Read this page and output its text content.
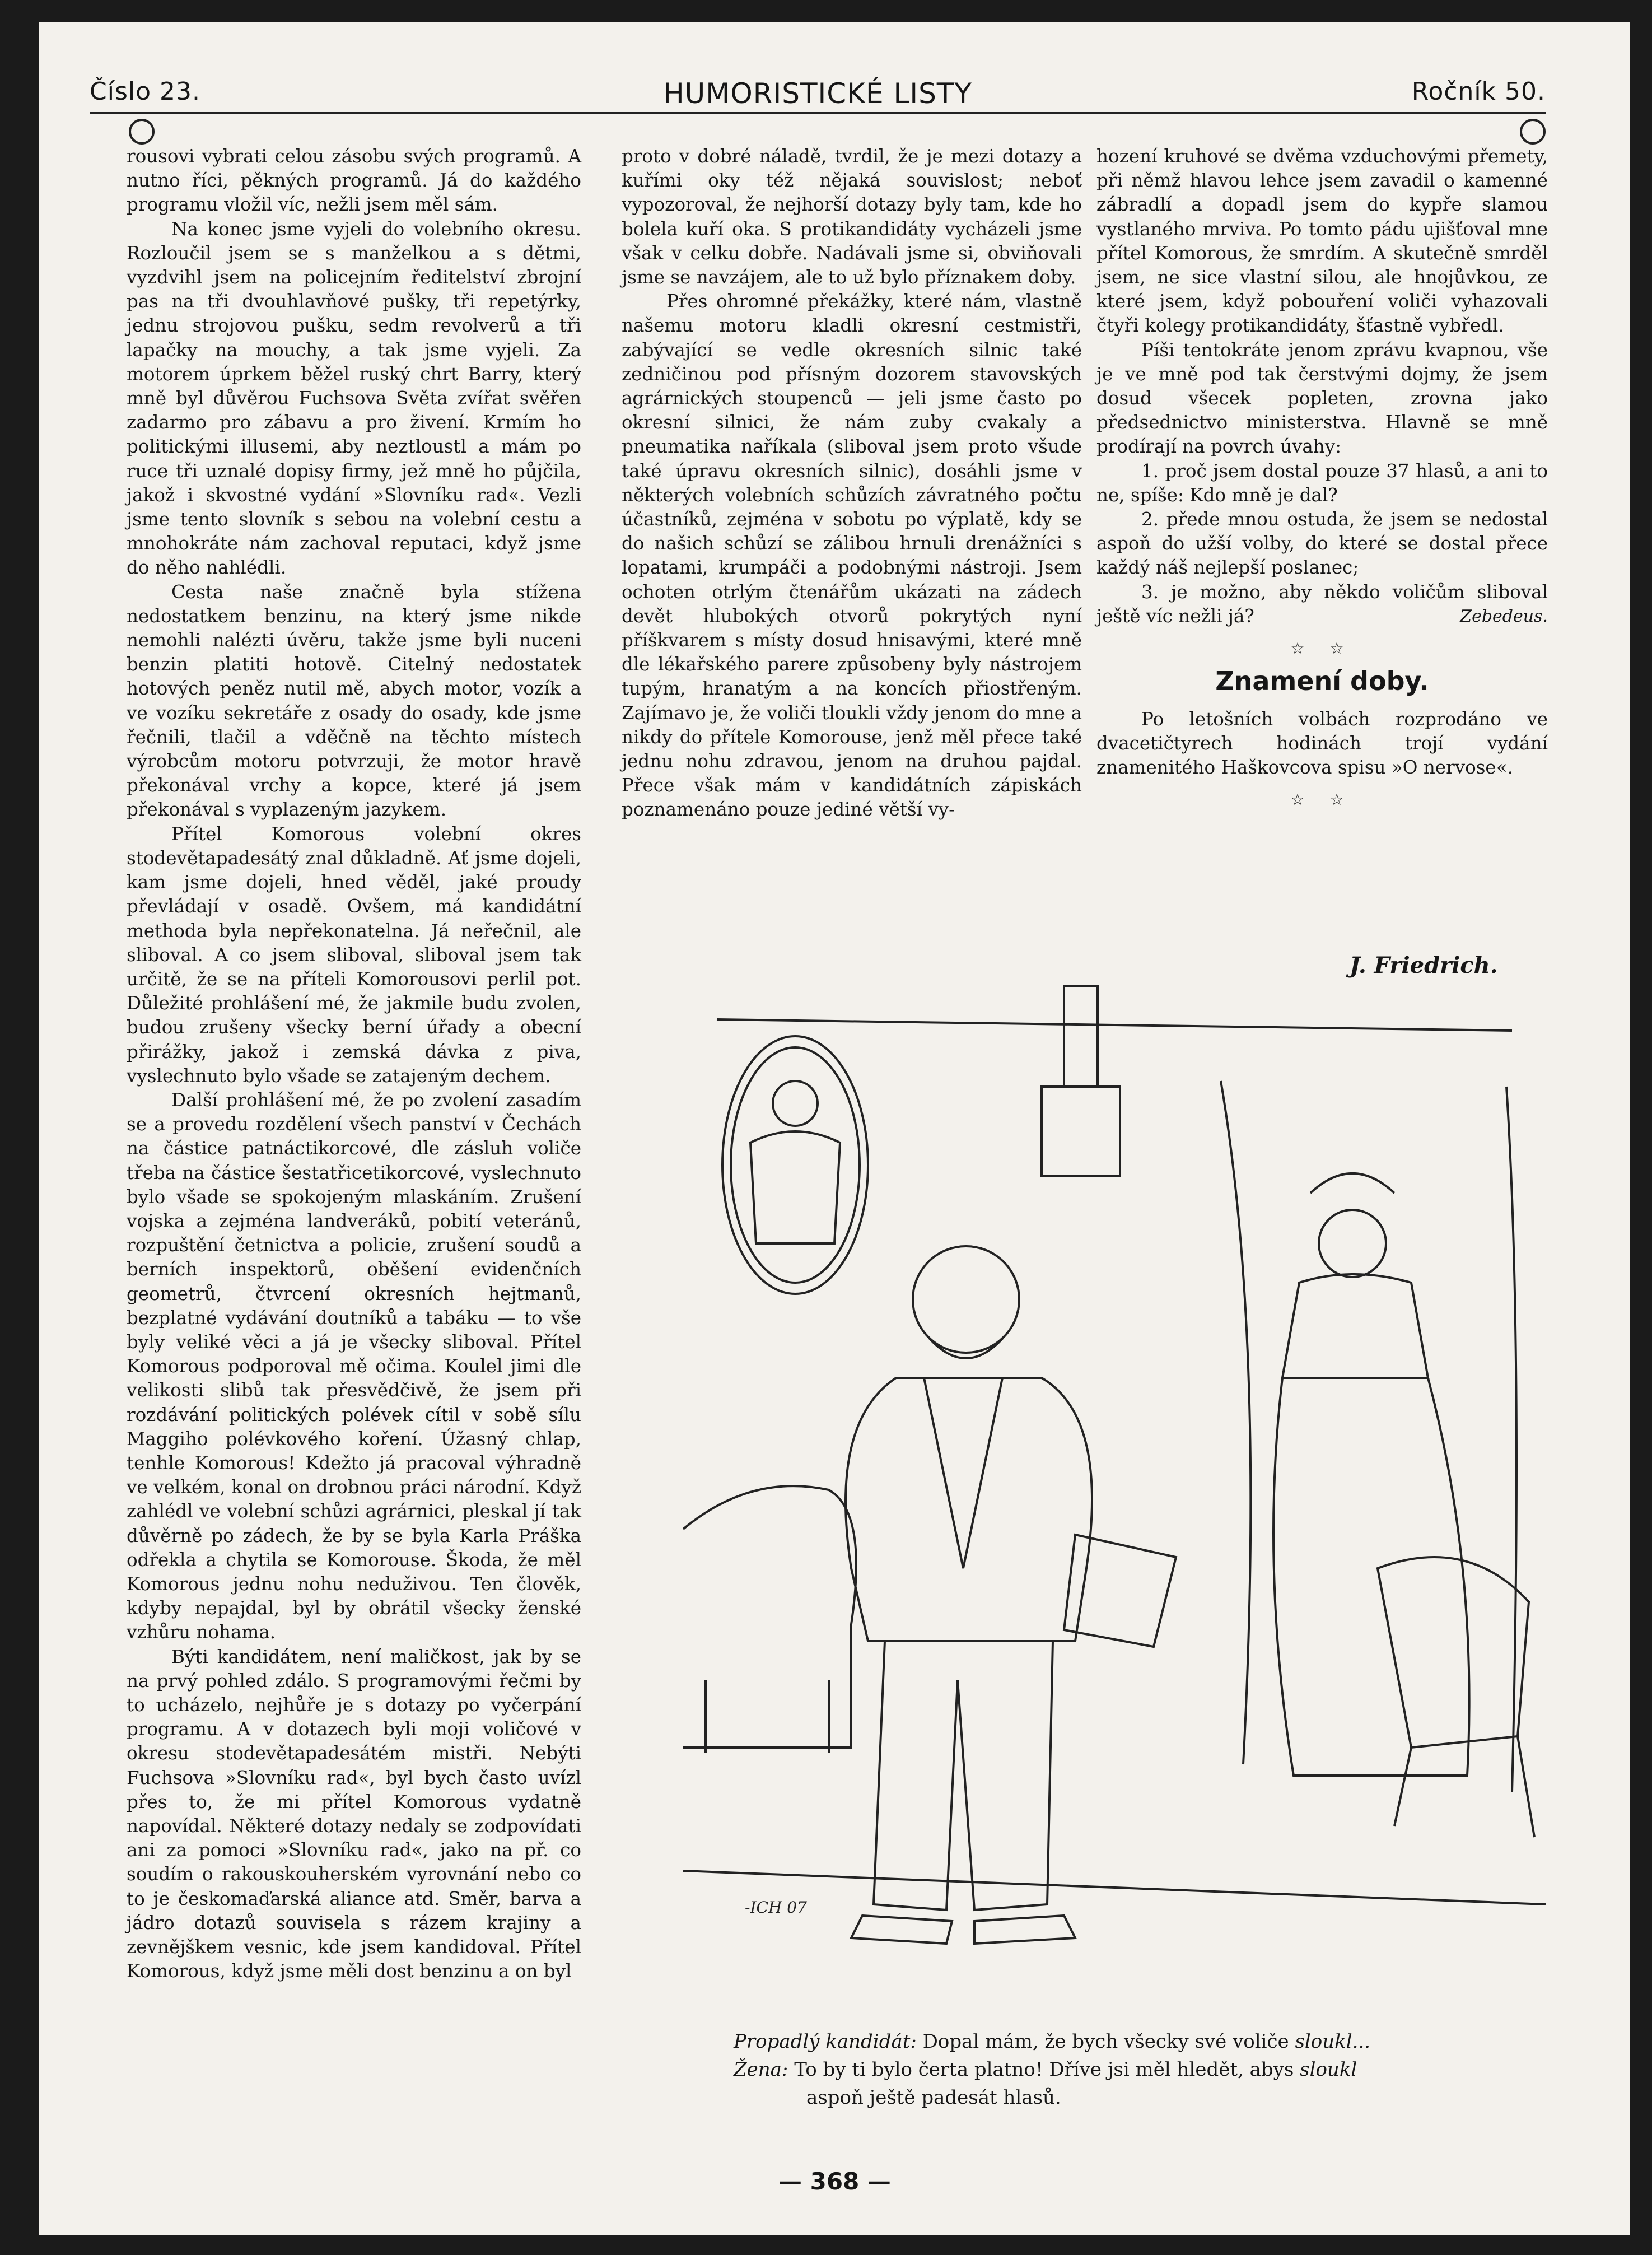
Číslo 23.	HUMORISTICKÉ LISTY	Ročník 50.

rousovi vybrati celou zásobu svých programů. A nutno říci, pěkných programů. Já do každého programu vložil víc, nežli jsem měl sám.

Na konec jsme vyjeli do volebního okresu. Rozloučil jsem se s manželkou a s dětmi, vyzdvihl jsem na policejním ředitelství zbrojní pas na tři dvouhlavňové pušky, tři repetýrky, jednu strojovou pušku, sedm revolverů a tři lapačky na mouchy, a tak jsme vyjeli. Za motorem úprkem běžel ruský chrt Barry, který mně byl důvěrou Fuchsova Světa zvířat svěřen zadarmo pro zábavu a pro živení. Krmím ho politickými illusemi, aby neztloustl a mám po ruce tři uznalé dopisy firmy, jež mně ho půjčila, jakož i skvostné vydání »Slovníku rad«. Vezli jsme tento slovník s sebou na volební cestu a mnohokráte nám zachoval reputaci, když jsme do něho nahlédli.

Cesta naše značně byla stížena nedostatkem benzinu, na který jsme nikde nemohli nalézti úvěru, takže jsme byli nuceni benzin platiti hotově. Citelný nedostatek hotových peněz nutil mě, abych motor, vozík a ve vozíku sekretáře z osady do osady, kde jsme řečnili, tlačil a vděčně na těchto místech výrobcům motoru potvrzuji, že motor hravě překonával vrchy a kopce, které já jsem překonával s vyplazeným jazykem.

Přítel Komorous volební okres stodevětapadesátý znal důkladně. Ať jsme dojeli, kam jsme dojeli, hned věděl, jaké proudy převládají v osadě. Ovšem, má kandidátní methoda byla nepřekonatelna. Já neřečnil, ale sliboval. A co jsem sliboval, sliboval jsem tak určitě, že se na příteli Komorousovi perlil pot. Důležité prohlášení mé, že jakmile budu zvolen, budou zrušeny všecky berní úřady a obecní přirážky, jakož i zemská dávka z piva, vyslechnuto bylo všade se zatajeným dechem.

Další prohlášení mé, že po zvolení zasadím se a provedu rozdělení všech panství v Čechách na částice patnáctikorcové, dle zásluh voliče třeba na částice šestatřicetikorcové, vyslechnuto bylo všade se spokojeným mlaskáním. Zrušení vojska a zejména landveráků, pobití veteránů, rozpuštění četnictva a policie, zrušení soudů a berních inspektorů, oběšení evidenčních geometrů, čtvrcení okresních hejtmanů, bezplatné vydávání doutníků a tabáku — to vše byly veliké věci a já je všecky sliboval. Přítel Komorous podporoval mě očima. Koulel jimi dle velikosti slibů tak přesvědčivě, že jsem při rozdávání politických polévek cítil v sobě sílu Maggiho polévkového koření. Úžasný chlap, tenhle Komorous! Kdežto já pracoval výhradně ve velkém, konal on drobnou práci národní. Když zahlédl ve volební schůzi agrárnici, pleskal jí tak důvěrně po zádech, že by se byla Karla Práška odřekla a chytila se Komorouse. Škoda, že měl Komorous jednu nohu neduživou. Ten člověk, kdyby nepajdal, byl by obrátil všecky ženské vzhůru nohama.

Býti kandidátem, není maličkost, jak by se na prvý pohled zdálo. S programovými řečmi by to ucházelo, nejhůře je s dotazy po vyčerpání programu. A v dotazech byli moji voličové v okresu stodevětapadesátém mistři. Nebýti Fuchsova »Slovníku rad«, byl bych často uvízl přes to, že mi přítel Komorous vydatně napovídal. Některé dotazy nedaly se zodpovídati ani za pomoci »Slovníku rad«, jako na př. co soudím o rakouskouherském vyrovnání nebo co to je českomaďarská aliance atd. Směr, barva a jádro dotazů souvisela s rázem krajiny a zevnějškem vesnic, kde jsem kandidoval. Přítel Komorous, když jsme měli dost benzinu a on byl

proto v dobré náladě, tvrdil, že je mezi dotazy a kuřími oky též nějaká souvislost; neboť vypozoroval, že nejhorší dotazy byly tam, kde ho bolela kuří oka. S protikandidáty vycházeli jsme však v celku dobře. Nadávali jsme si, obviňovali jsme se navzájem, ale to už bylo příznakem doby.

Přes ohromné překážky, které nám, vlastně našemu motoru kladli okresní cestmistři, zabývající se vedle okresních silnic také zedničinou pod přísným dozorem stavovských agrárnických stoupenců — jeli jsme často po okresní silnici, že nám zuby cvakaly a pneumatika naříkala (sliboval jsem proto všude také úpravu okresních silnic), dosáhli jsme v některých volebních schůzích závratného počtu účastníků, zejména v sobotu po výplatě, kdy se do našich schůzí se zálibou hrnuli drenážníci s lopatami, krumpáči a podobnými nástroji. Jsem ochoten otrlým čtenářům ukázati na zádech devět hlubokých otvorů pokrytých nyní příškvarem s místy dosud hnisavými, které mně dle lékařského parere způsobeny byly nástrojem tupým, hranatým a na koncích přiostřeným. Zajímavo je, že voliči tloukli vždy jenom do mne a nikdy do přítele Komorouse, jenž měl přece také jednu nohu zdravou, jenom na druhou pajdal. Přece však mám v kandidátních zápiskách poznamenáno pouze jediné větší vy-

hození kruhové se dvěma vzduchovými přemety, při němž hlavou lehce jsem zavadil o kamenné zábradlí a dopadl jsem do kypře slamou vystlaného mrviva. Po tomto pádu ujišťoval mne přítel Komorous, že smrdím. A skutečně smrděl jsem, ne sice vlastní silou, ale hnojůvkou, ze které jsem, když pobouření voliči vyhazovali čtyři kolegy protikandidáty, šťastně vybředl.

Píši tentokráte jenom zprávu kvapnou, vše je ve mně pod tak čerstvými dojmy, že jsem dosud všecek popleten, zrovna jako předsednictvo ministerstva. Hlavně se mně prodírají na povrch úvahy:

1. proč jsem dostal pouze 37 hlasů, a ani to ne, spíše: Kdo mně je dal?

2. přede mnou ostuda, že jsem se nedostal aspoň do užší volby, do které se dostal přece každý náš nejlepší poslanec;

3. je možno, aby někdo voličům sliboval ještě víc nežli já?	Zebedeus.
☆ ☆
Znamení doby.

Po letošních volbách rozprodáno ve dvacetičtyrech hodinách trojí vydání znamenitého Haškovcova spisu »O nervose«.

☆ ☆
J. Friedrich.
-ICH 07
Propadlý kandidát: Dopal mám, že bych všecky své voliče sloukl...
Žena: To by ti bylo čerta platno! Dříve jsi měl hledět, abys sloukl
aspoň ještě padesát hlasů.
— 368 —
